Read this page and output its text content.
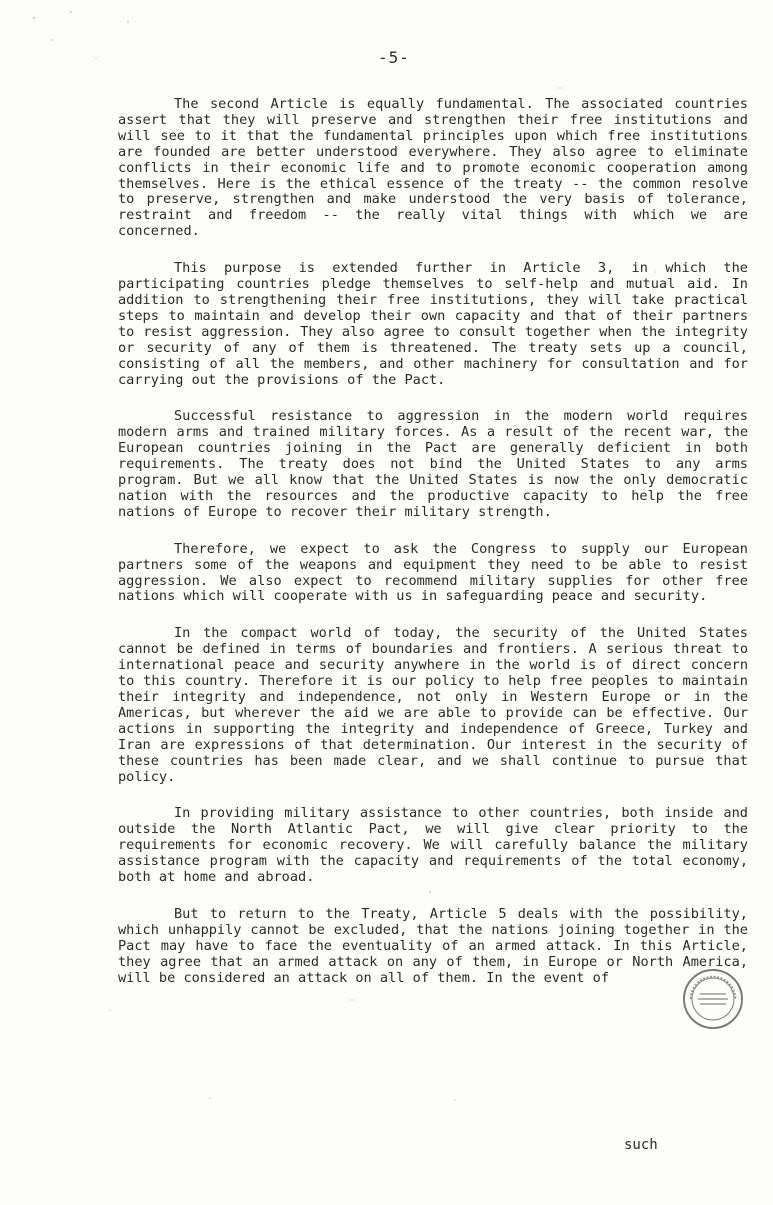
-5-

The second Article is equally fundamental. The associated countries assert that they will preserve and strengthen their free institutions and will see to it that the fundamental principles upon which free institutions are founded are better understood everywhere. They also agree to eliminate conflicts in their economic life and to promote economic cooperation among themselves. Here is the ethical essence of the treaty -- the common resolve to preserve, strengthen and make understood the very basis of tolerance, restraint and freedom -- the really vital things with which we are concerned.

This purpose is extended further in Article 3, in which the participating countries pledge themselves to self-help and mutual aid. In addition to strengthening their free institutions, they will take practical steps to maintain and develop their own capacity and that of their partners to resist aggression. They also agree to consult together when the integrity or security of any of them is threatened. The treaty sets up a council, consisting of all the members, and other machinery for consultation and for carrying out the provisions of the Pact.

Successful resistance to aggression in the modern world requires modern arms and trained military forces. As a result of the recent war, the European countries joining in the Pact are generally deficient in both requirements. The treaty does not bind the United States to any arms program. But we all know that the United States is now the only democratic nation with the resources and the productive capacity to help the free nations of Europe to recover their military strength.

Therefore, we expect to ask the Congress to supply our European partners some of the weapons and equipment they need to be able to resist aggression. We also expect to recommend military supplies for other free nations which will cooperate with us in safeguarding peace and security.

In the compact world of today, the security of the United States cannot be defined in terms of boundaries and frontiers. A serious threat to international peace and security anywhere in the world is of direct concern to this country. Therefore it is our policy to help free peoples to maintain their integrity and independence, not only in Western Europe or in the Americas, but wherever the aid we are able to provide can be effective. Our actions in supporting the integrity and independence of Greece, Turkey and Iran are expressions of that determination. Our interest in the security of these countries has been made clear, and we shall continue to pursue that policy.

In providing military assistance to other countries, both inside and outside the North Atlantic Pact, we will give clear priority to the requirements for economic recovery. We will carefully balance the military assistance program with the capacity and requirements of the total economy, both at home and abroad.

But to return to the Treaty, Article 5 deals with the possibility, which unhappily cannot be excluded, that the nations joining together in the Pact may have to face the eventuality of an armed attack. In this Article, they agree that an armed attack on any of them, in Europe or North America, will be considered an attack on all of them. In the event of

such
